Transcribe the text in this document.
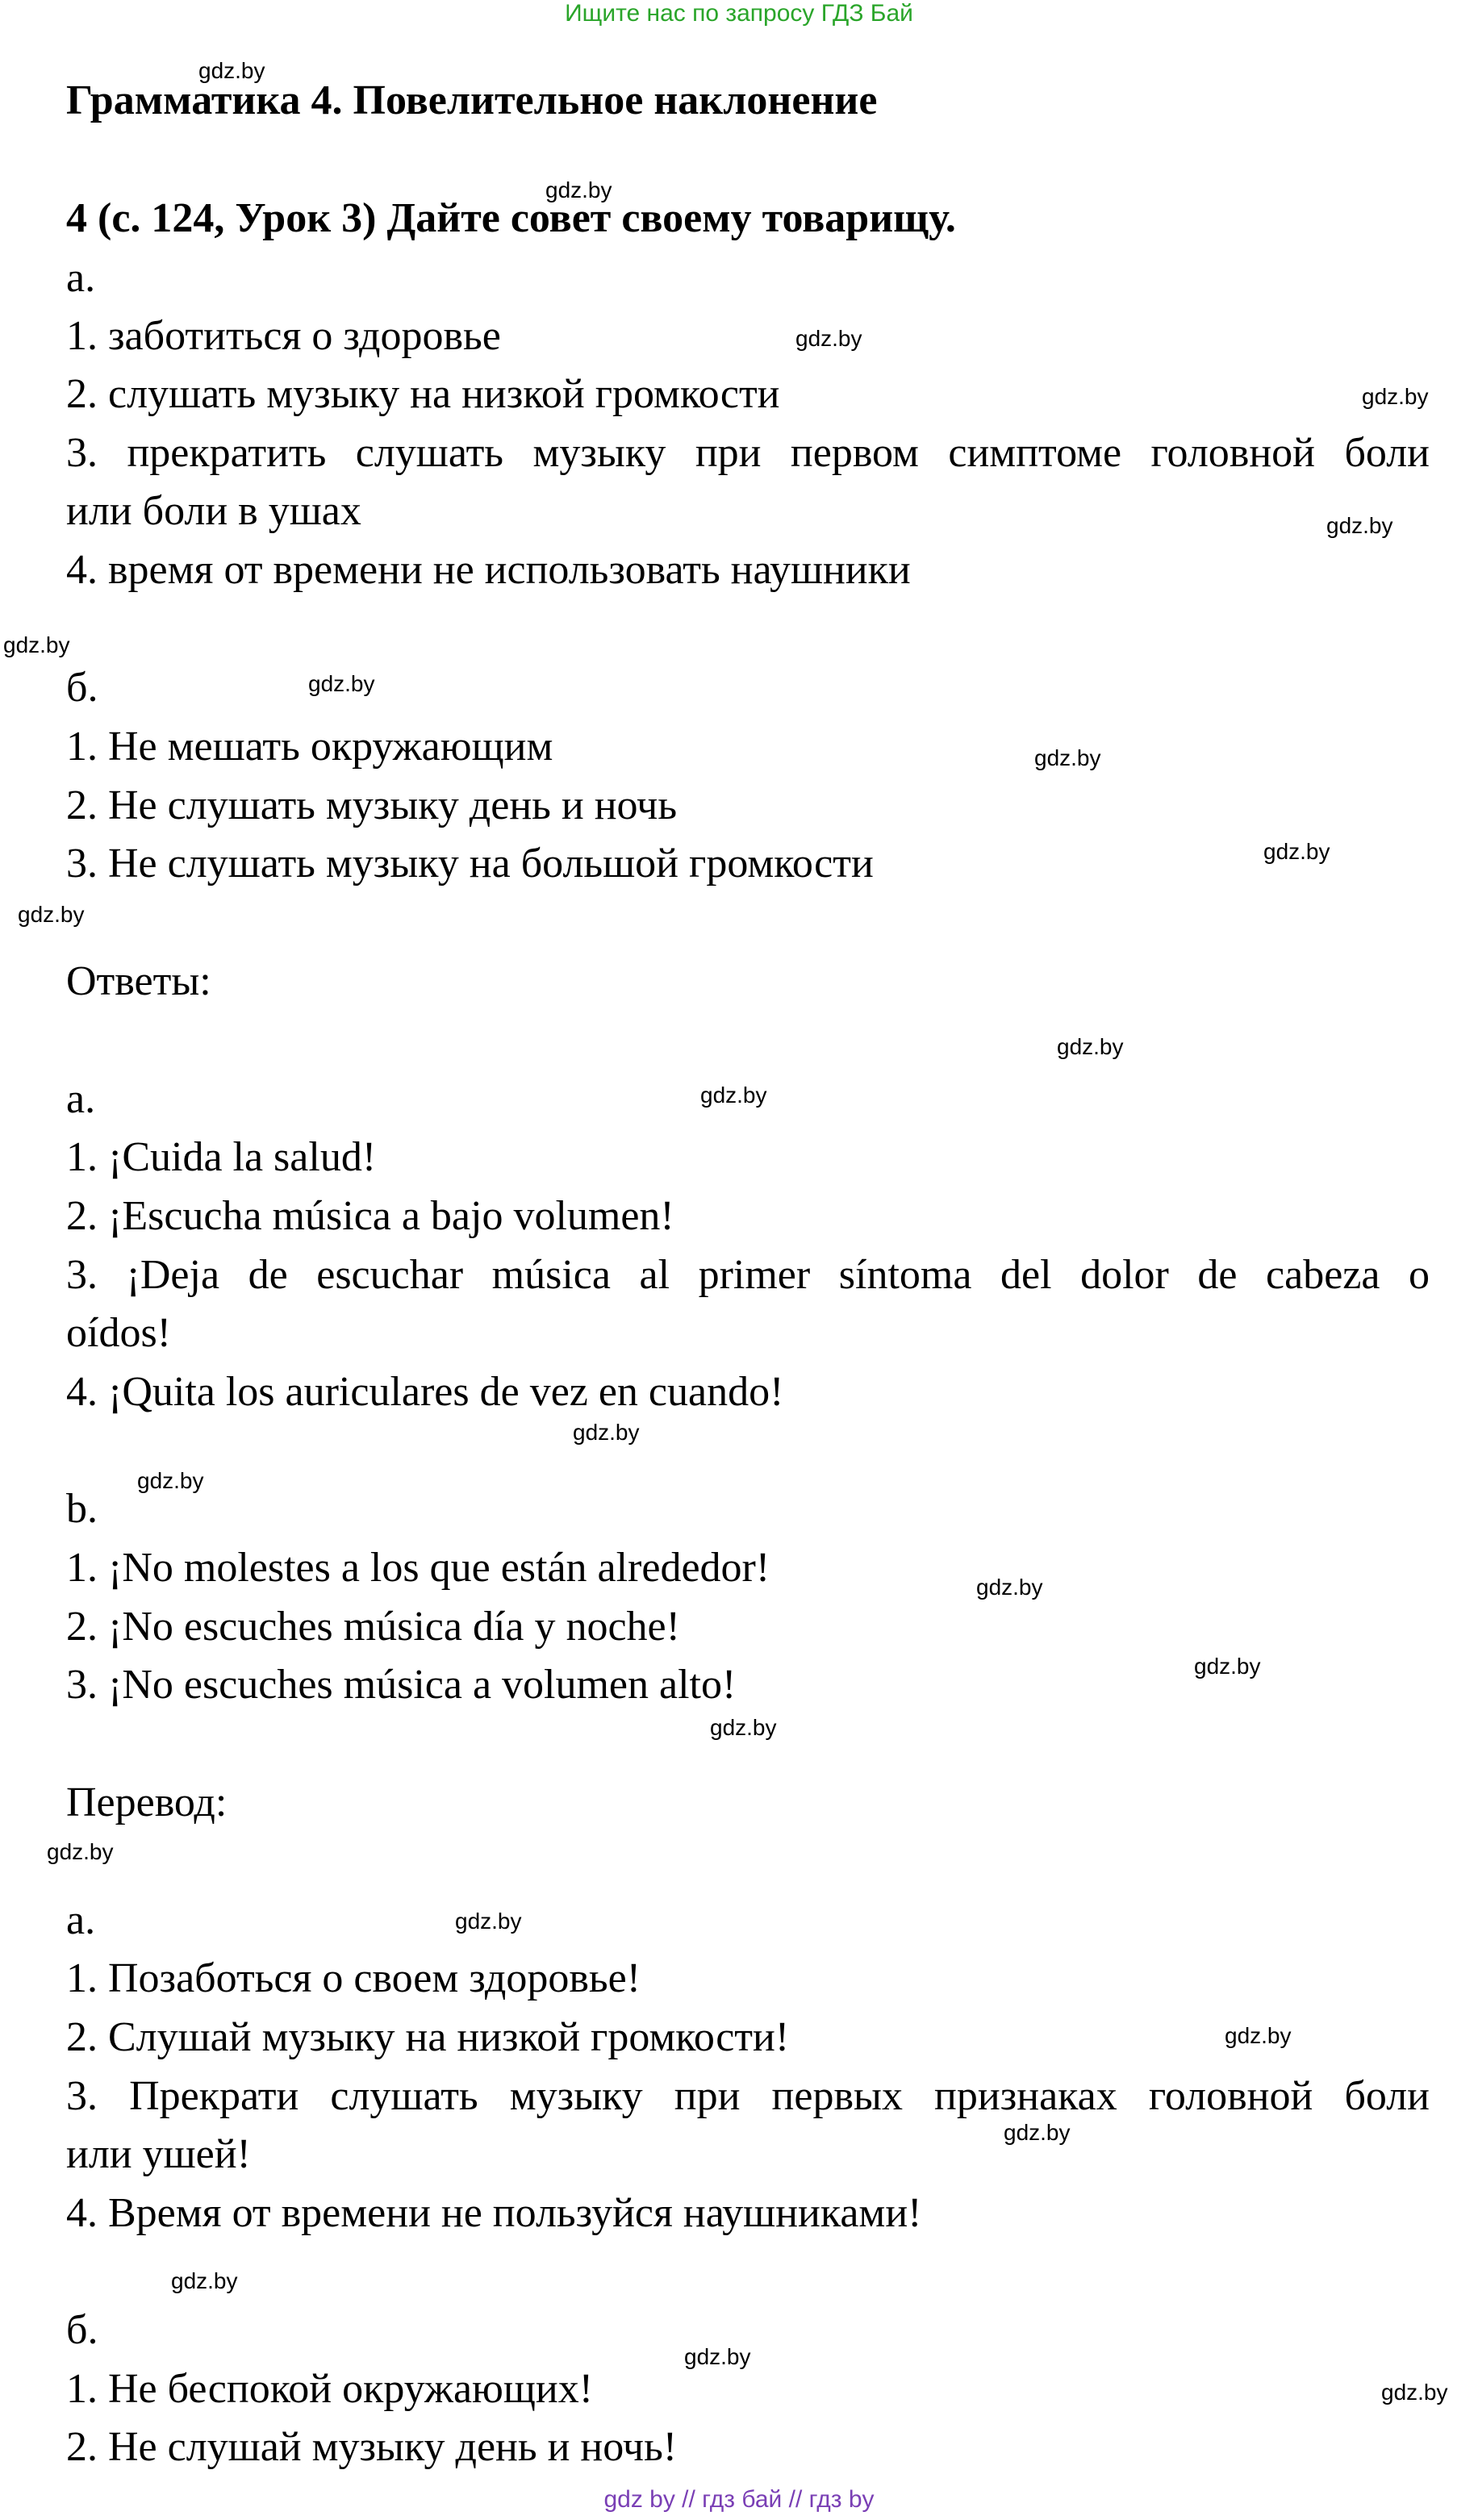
Ищите нас по запросу ГДЗ Бай
Грамматика 4. Повелительное наклонение
4 (с. 124, Урок 3) Дайте совет своему товарищу.
а.
1. заботиться о здоровье
2. слушать музыку на низкой громкости
3. прекратить слушать музыку при первом симптоме головной боли
или боли в ушах
4. время от времени не использовать наушники
б.
1. Не мешать окружающим
2. Не слушать музыку день и ночь
3. Не слушать музыку на большой громкости
Ответы:
a.
1. ¡Cuida la salud!
2. ¡Escucha música a bajo volumen!
3. ¡Deja de escuchar música al primer síntoma del dolor de cabeza o
oídos!
4. ¡Quita los auriculares de vez en cuando!
b.
1. ¡No molestes a los que están alrededor!
2. ¡No escuches música día y noche!
3. ¡No escuches música a volumen alto!
Перевод:
а.
1. Позаботься о своем здоровье!
2. Слушай музыку на низкой громкости!
3. Прекрати слушать музыку при первых признаках головной боли
или ушей!
4. Время от времени не пользуйся наушниками!
б.
1. Не беспокой окружающих!
2. Не слушай музыку день и ночь!
gdz.by
gdz.by
gdz.by
gdz.by
gdz.by
gdz.by
gdz.by
gdz.by
gdz.by
gdz.by
gdz.by
gdz.by
gdz.by
gdz.by
gdz.by
gdz.by
gdz.by
gdz.by
gdz.by
gdz.by
gdz.by
gdz.by
gdz.by
gdz.by
gdz by // гдз бай // гдз by
